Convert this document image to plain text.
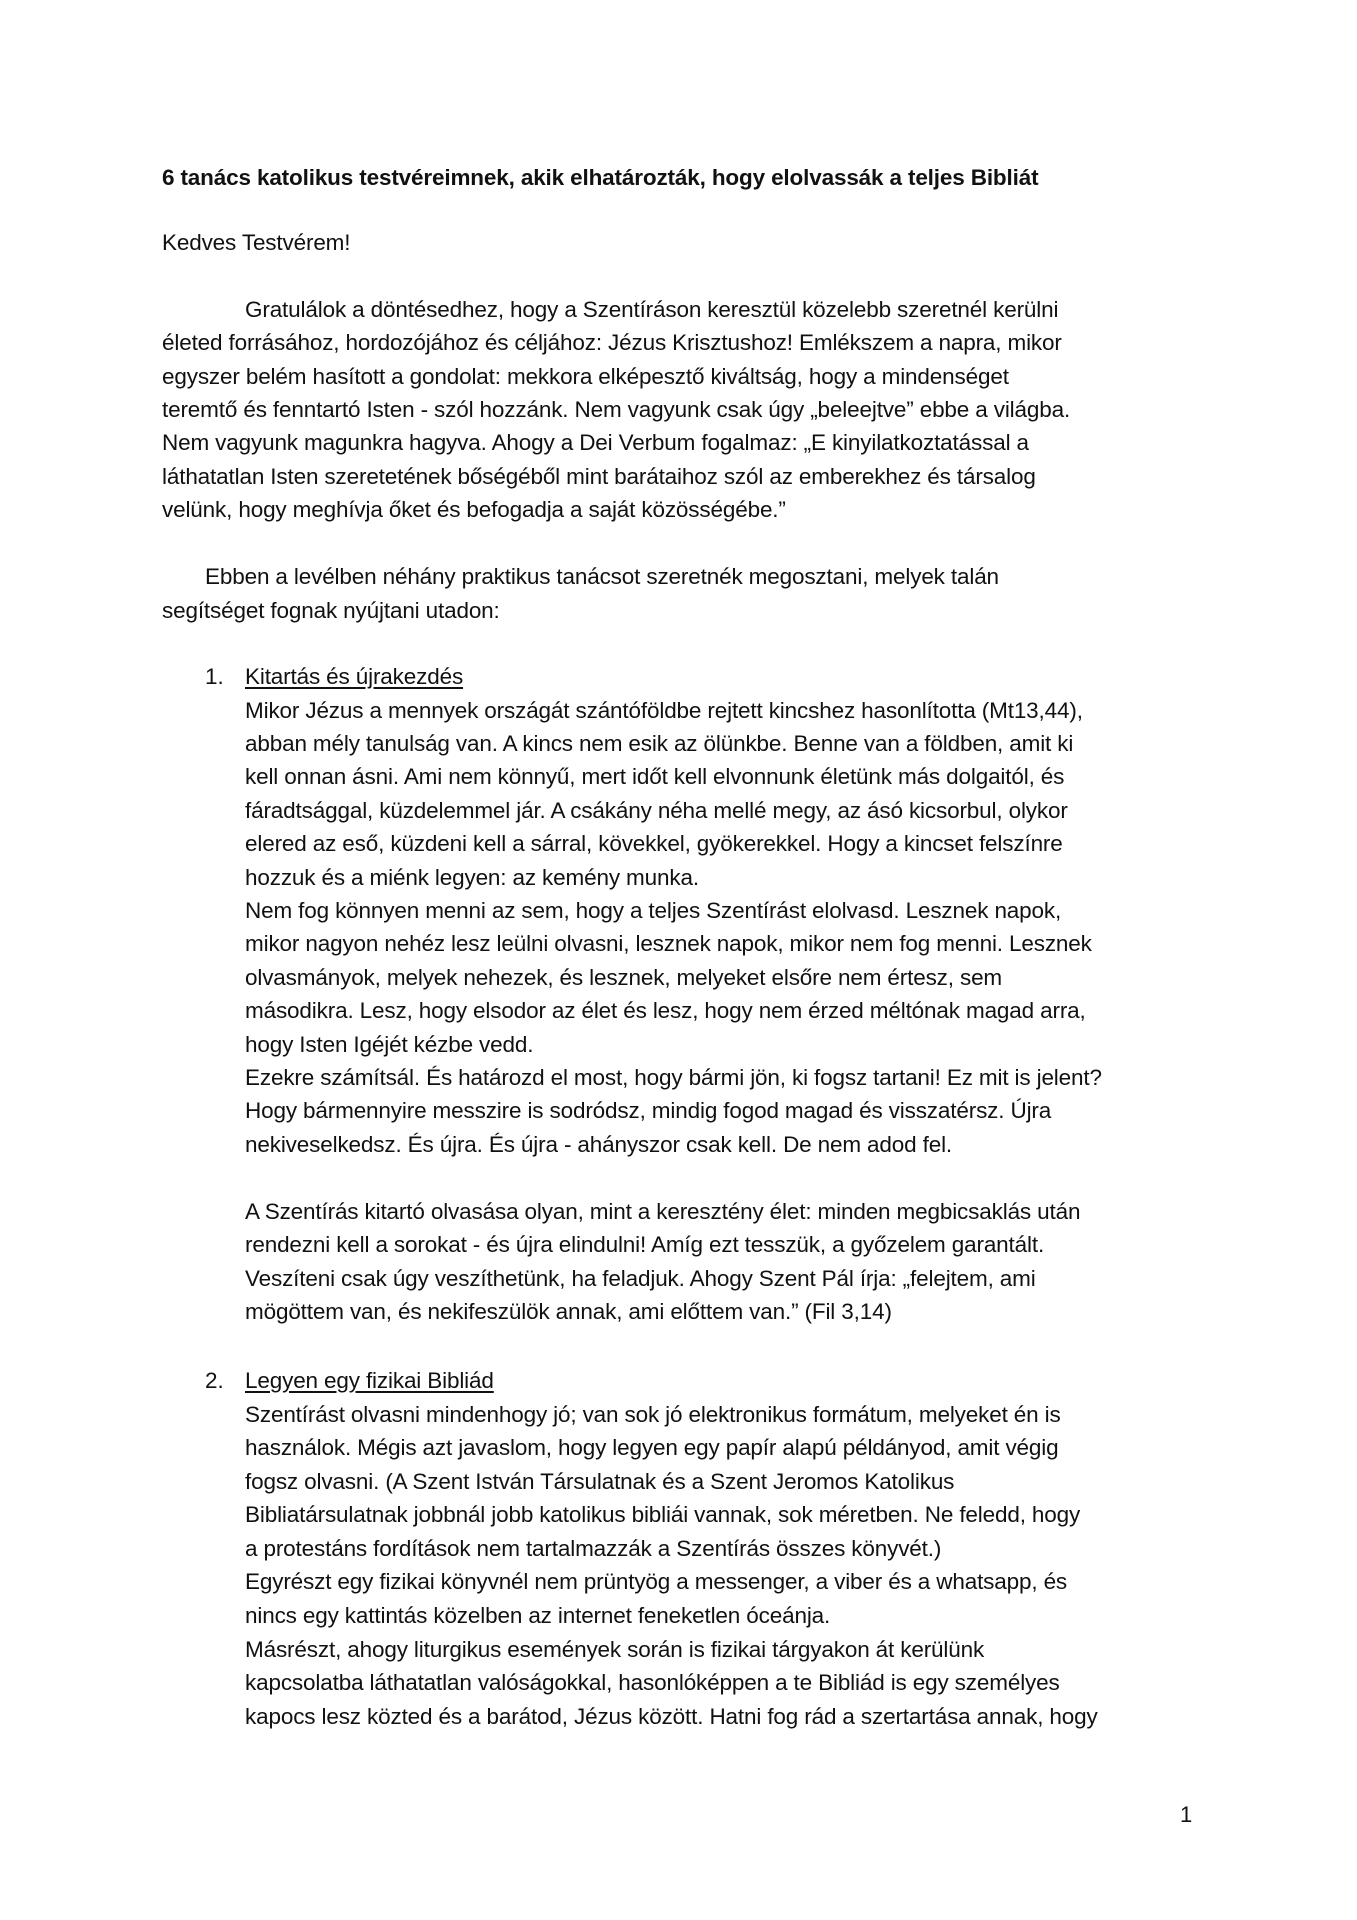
6 tanács katolikus testvéreimnek, akik elhatározták, hogy elolvassák a teljes Bibliát
Kedves Testvérem!
Gratulálok a döntésedhez, hogy a Szentíráson keresztül közelebb szeretnél kerülni
életed forrásához, hordozójához és céljához: Jézus Krisztushoz! Emlékszem a napra, mikor
egyszer belém hasított a gondolat: mekkora elképesztő kiváltság, hogy a mindenséget
teremtő és fenntartó Isten - szól hozzánk. Nem vagyunk csak úgy „beleejtve” ebbe a világba.
Nem vagyunk magunkra hagyva. Ahogy a Dei Verbum fogalmaz: „E kinyilatkoztatással a
láthatatlan Isten szeretetének bőségéből mint barátaihoz szól az emberekhez és társalog
velünk, hogy meghívja őket és befogadja a saját közösségébe.”
Ebben a levélben néhány praktikus tanácsot szeretnék megosztani, melyek talán
segítséget fognak nyújtani utadon:
1. Kitartás és újrakezdés
Mikor Jézus a mennyek országát szántóföldbe rejtett kincshez hasonlította (Mt13,44),
abban mély tanulság van. A kincs nem esik az ölünkbe. Benne van a földben, amit ki
kell onnan ásni. Ami nem könnyű, mert időt kell elvonnunk életünk más dolgaitól, és
fáradtsággal, küzdelemmel jár. A csákány néha mellé megy, az ásó kicsorbul, olykor
elered az eső, küzdeni kell a sárral, kövekkel, gyökerekkel. Hogy a kincset felszínre
hozzuk és a miénk legyen: az kemény munka.
Nem fog könnyen menni az sem, hogy a teljes Szentírást elolvasd. Lesznek napok,
mikor nagyon nehéz lesz leülni olvasni, lesznek napok, mikor nem fog menni. Lesznek
olvasmányok, melyek nehezek, és lesznek, melyeket elsőre nem értesz, sem
másodikra. Lesz, hogy elsodor az élet és lesz, hogy nem érzed méltónak magad arra,
hogy Isten Igéjét kézbe vedd.
Ezekre számítsál. És határozd el most, hogy bármi jön, ki fogsz tartani! Ez mit is jelent?
Hogy bármennyire messzire is sodródsz, mindig fogod magad és visszatérsz. Újra
nekiveselkedsz. És újra. És újra - ahányszor csak kell. De nem adod fel.
A Szentírás kitartó olvasása olyan, mint a keresztény élet: minden megbicsaklás után
rendezni kell a sorokat - és újra elindulni! Amíg ezt tesszük, a győzelem garantált.
Veszíteni csak úgy veszíthetünk, ha feladjuk. Ahogy Szent Pál írja: „felejtem, ami
mögöttem van, és nekifeszülök annak, ami előttem van.” (Fil 3,14)
2. Legyen egy fizikai Bibliád
Szentírást olvasni mindenhogy jó; van sok jó elektronikus formátum, melyeket én is
használok. Mégis azt javaslom, hogy legyen egy papír alapú példányod, amit végig
fogsz olvasni. (A Szent István Társulatnak és a Szent Jeromos Katolikus
Bibliatársulatnak jobbnál jobb katolikus bibliái vannak, sok méretben. Ne feledd, hogy
a protestáns fordítások nem tartalmazzák a Szentírás összes könyvét.)
Egyrészt egy fizikai könyvnél nem prüntyög a messenger, a viber és a whatsapp, és
nincs egy kattintás közelben az internet feneketlen óceánja.
Másrészt, ahogy liturgikus események során is fizikai tárgyakon át kerülünk
kapcsolatba láthatatlan valóságokkal, hasonlóképpen a te Bibliád is egy személyes
kapocs lesz közted és a barátod, Jézus között. Hatni fog rád a szertartása annak, hogy
1
